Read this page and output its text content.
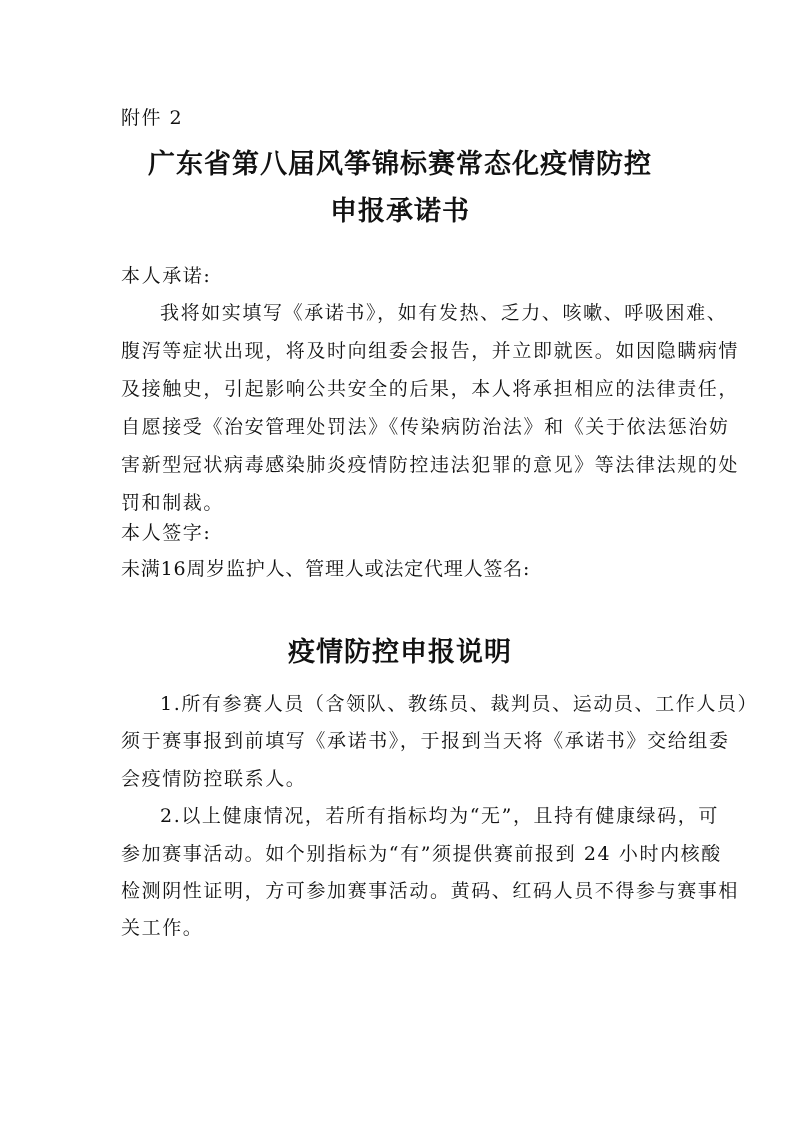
附件 2
广东省第八届风筝锦标赛常态化疫情防控
申报承诺书
本人承诺:
我将如实填写《承诺书》，如有发热、乏力、咳嗽、呼吸困难、
腹泻等症状出现，将及时向组委会报告，并立即就医。如因隐瞒病情
及接触史，引起影响公共安全的后果，本人将承担相应的法律责任，
自愿接受《治安管理处罚法》《传染病防治法》和《关于依法惩治妨
害新型冠状病毒感染肺炎疫情防控违法犯罪的意见》等法律法规的处
罚和制裁。
本人签字:
未满16周岁监护人、管理人或法定代理人签名:
疫情防控申报说明
1.所有参赛人员（含领队、教练员、裁判员、运动员、工作人员）
须于赛事报到前填写《承诺书》，于报到当天将《承诺书》交给组委
会疫情防控联系人。
2.以上健康情况，若所有指标均为“无”，且持有健康绿码，可
参加赛事活动。如个别指标为“有”须提供赛前报到 24 小时内核酸
检测阴性证明，方可参加赛事活动。黄码、红码人员不得参与赛事相
关工作。
